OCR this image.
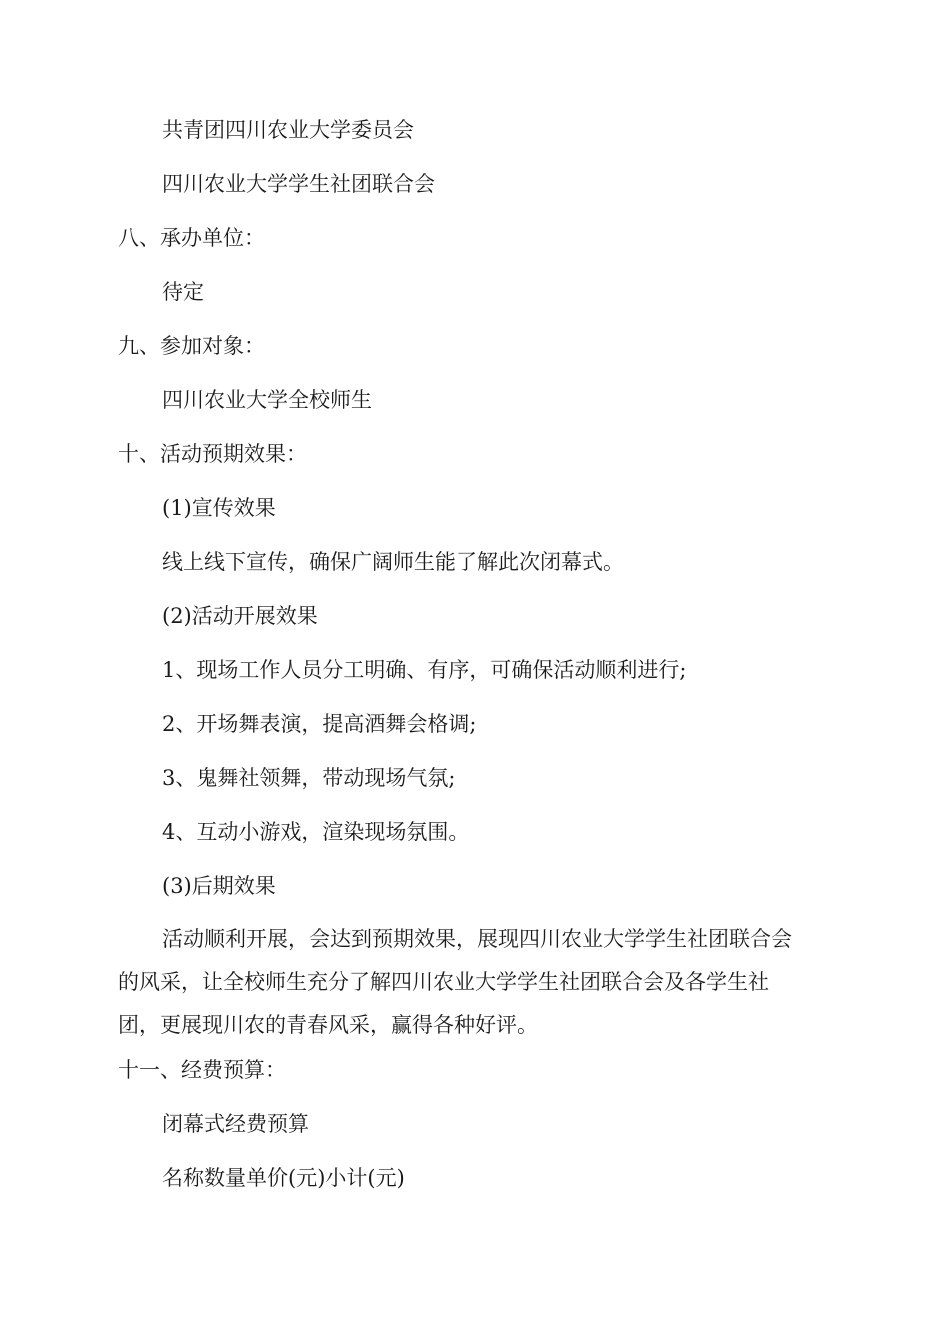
共青团四川农业大学委员会
四川农业大学学生社团联合会
八、承办单位：
待定
九、参加对象：
四川农业大学全校师生
十、活动预期效果：
(1)宣传效果
线上线下宣传，确保广阔师生能了解此次闭幕式。
(2)活动开展效果
1、现场工作人员分工明确、有序，可确保活动顺利进行;
2、开场舞表演，提高酒舞会格调;
3、鬼舞社领舞，带动现场气氛;
4、互动小游戏，渲染现场氛围。
(3)后期效果
活动顺利开展，会达到预期效果，展现四川农业大学学生社团联合会
的风采，让全校师生充分了解四川农业大学学生社团联合会及各学生社
团，更展现川农的青春风采，赢得各种好评。
十一、经费预算：
闭幕式经费预算
名称数量单价(元)小计(元)
